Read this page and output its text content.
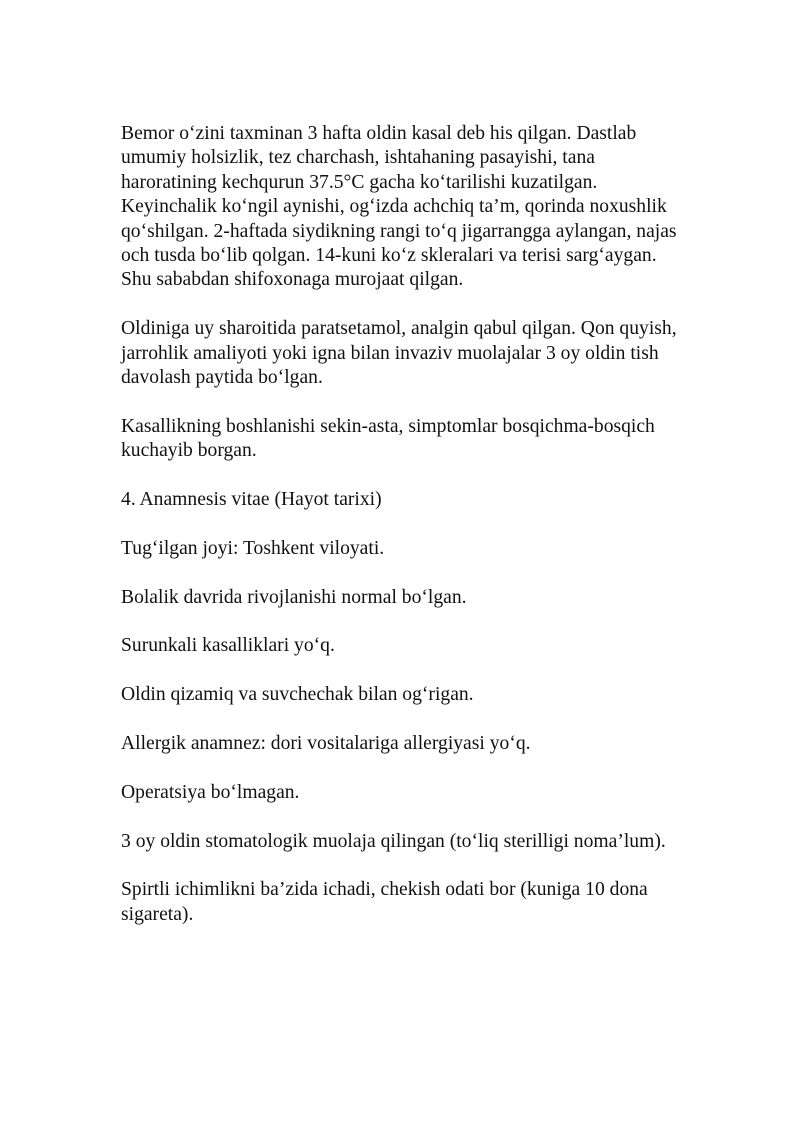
Bemor o‘zini taxminan 3 hafta oldin kasal deb his qilgan. Dastlab umumiy holsizlik, tez charchash, ishtahaning pasayishi, tana haroratining kechqurun 37.5°C gacha ko‘tarilishi kuzatilgan. Keyinchalik ko‘ngil aynishi, og‘izda achchiq ta’m, qorinda noxushlik qo‘shilgan. 2-haftada siydikning rangi to‘q jigarrangga aylangan, najas och tusda bo‘lib qolgan. 14-kuni ko‘z skleralari va terisi sarg‘aygan. Shu sababdan shifoxonaga murojaat qilgan.

Oldiniga uy sharoitida paratsetamol, analgin qabul qilgan. Qon quyish, jarrohlik amaliyoti yoki igna bilan invaziv muolajalar 3 oy oldin tish davolash paytida bo‘lgan.

Kasallikning boshlanishi sekin-asta, simptomlar bosqichma-bosqich kuchayib borgan.

4. Anamnesis vitae (Hayot tarixi)

Tug‘ilgan joyi: Toshkent viloyati.

Bolalik davrida rivojlanishi normal bo‘lgan.

Surunkali kasalliklari yo‘q.

Oldin qizamiq va suvchechak bilan og‘rigan.

Allergik anamnez: dori vositalariga allergiyasi yo‘q.

Operatsiya bo‘lmagan.

3 oy oldin stomatologik muolaja qilingan (to‘liq sterilligi noma’lum).

Spirtli ichimlikni ba’zida ichadi, chekish odati bor (kuniga 10 dona sigareta).
